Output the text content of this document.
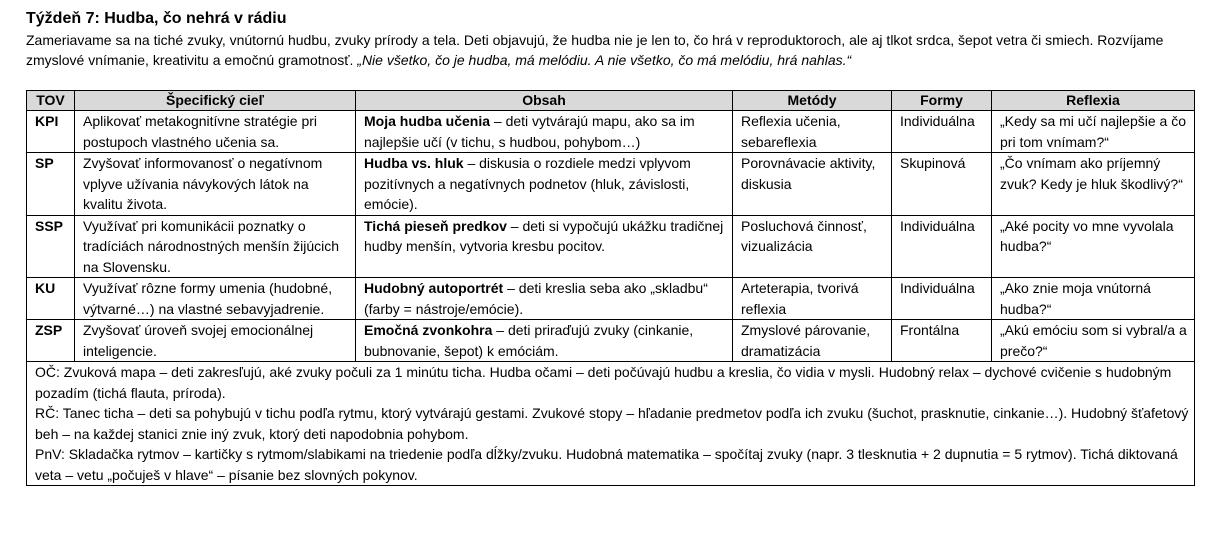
Týždeň 7: Hudba, čo nehrá v rádiu

Zameriavame sa na tiché zvuky, vnútornú hudbu, zvuky prírody a tela. Deti objavujú, že hudba nie je len to, čo hrá v reproduktoroch, ale aj tlkot srdca, šepot vetra či smiech. Rozvíjame zmyslové vnímanie, kreativitu a emočnú gramotnosť. „Nie všetko, čo je hudba, má melódiu. A nie všetko, čo má melódiu, hrá nahlas.“

TOV	Špecifický cieľ	Obsah	Metódy	Formy	Reflexia
KPI	Aplikovať metakognitívne stratégie pri postupoch vlastného učenia sa.	Moja hudba učenia – deti vytvárajú mapu, ako sa im najlepšie učí (v tichu, s hudbou, pohybom…)	Reflexia učenia, sebareflexia	Individuálna	„Kedy sa mi učí najlepšie a čo pri tom vnímam?“
SP	Zvyšovať informovanosť o negatívnom vplyve užívania návykových látok na kvalitu života.	Hudba vs. hluk – diskusia o rozdiele medzi vplyvom pozitívnych a negatívnych podnetov (hluk, závislosti, emócie).	Porovnávacie aktivity, diskusia	Skupinová	„Čo vnímam ako príjemný zvuk? Kedy je hluk škodlivý?“
SSP	Využívať pri komunikácii poznatky o tradíciách národnostných menšín žijúcich na Slovensku.	Tichá pieseň predkov – deti si vypočujú ukážku tradičnej hudby menšín, vytvoria kresbu pocitov.	Posluchová činnosť, vizualizácia	Individuálna	„Aké pocity vo mne vyvolala hudba?“
KU	Využívať rôzne formy umenia (hudobné, výtvarné…) na vlastné sebavyjadrenie.	Hudobný autoportrét – deti kreslia seba ako „skladbu“ (farby = nástroje/emócie).	Arteterapia, tvorivá reflexia	Individuálna	„Ako znie moja vnútorná hudba?“
ZSP	Zvyšovať úroveň svojej emocionálnej inteligencie.	Emočná zvonkohra – deti priraďujú zvuky (cinkanie, bubnovanie, šepot) k emóciám.	Zmyslové párovanie, dramatizácia	Frontálna	„Akú emóciu som si vybral/a a prečo?“

OČ: Zvuková mapa – deti zakresľujú, aké zvuky počuli za 1 minútu ticha. Hudba očami – deti počúvajú hudbu a kreslia, čo vidia v mysli. Hudobný relax – dychové cvičenie s hudobným pozadím (tichá flauta, príroda).

RČ: Tanec ticha – deti sa pohybujú v tichu podľa rytmu, ktorý vytvárajú gestami. Zvukové stopy – hľadanie predmetov podľa ich zvuku (šuchot, prasknutie, cinkanie…). Hudobný šťafetový beh – na každej stanici znie iný zvuk, ktorý deti napodobnia pohybom.

PnV: Skladačka rytmov – kartičky s rytmom/slabikami na triedenie podľa dĺžky/zvuku. Hudobná matematika – spočítaj zvuky (napr. 3 tlesknutia + 2 dupnutia = 5 rytmov). Tichá diktovaná veta – vetu „počuješ v hlave“ – písanie bez slovných pokynov.					
